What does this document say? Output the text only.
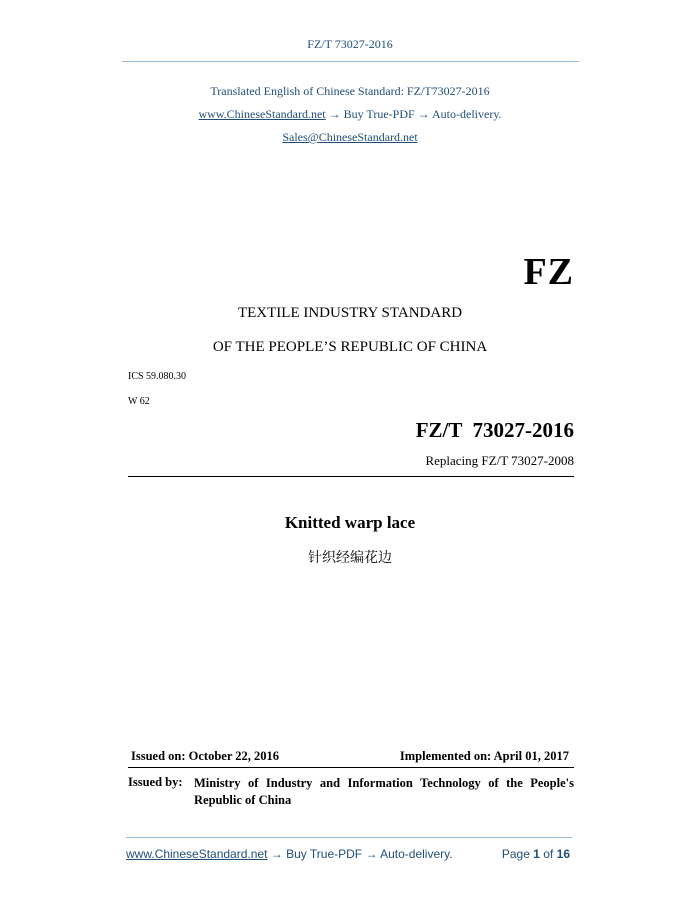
FZ/T 73027-2016
Translated English of Chinese Standard: FZ/T73027-2016
www.ChineseStandard.net → Buy True-PDF → Auto-delivery.
Sales@ChineseStandard.net
FZ
TEXTILE INDUSTRY STANDARD
OF THE PEOPLE’S REPUBLIC OF CHINA
ICS 59.080.30
W 62
FZ/T  73027-2016
Replacing FZ/T 73027-2008
Knitted warp lace
针织经编花边
Issued on: October 22, 2016	Implemented on: April 01, 2017
Issued by: Ministry of Industry and Information Technology of the People's Republic of China
www.ChineseStandard.net → Buy True-PDF → Auto-delivery.	Page 1 of 16
